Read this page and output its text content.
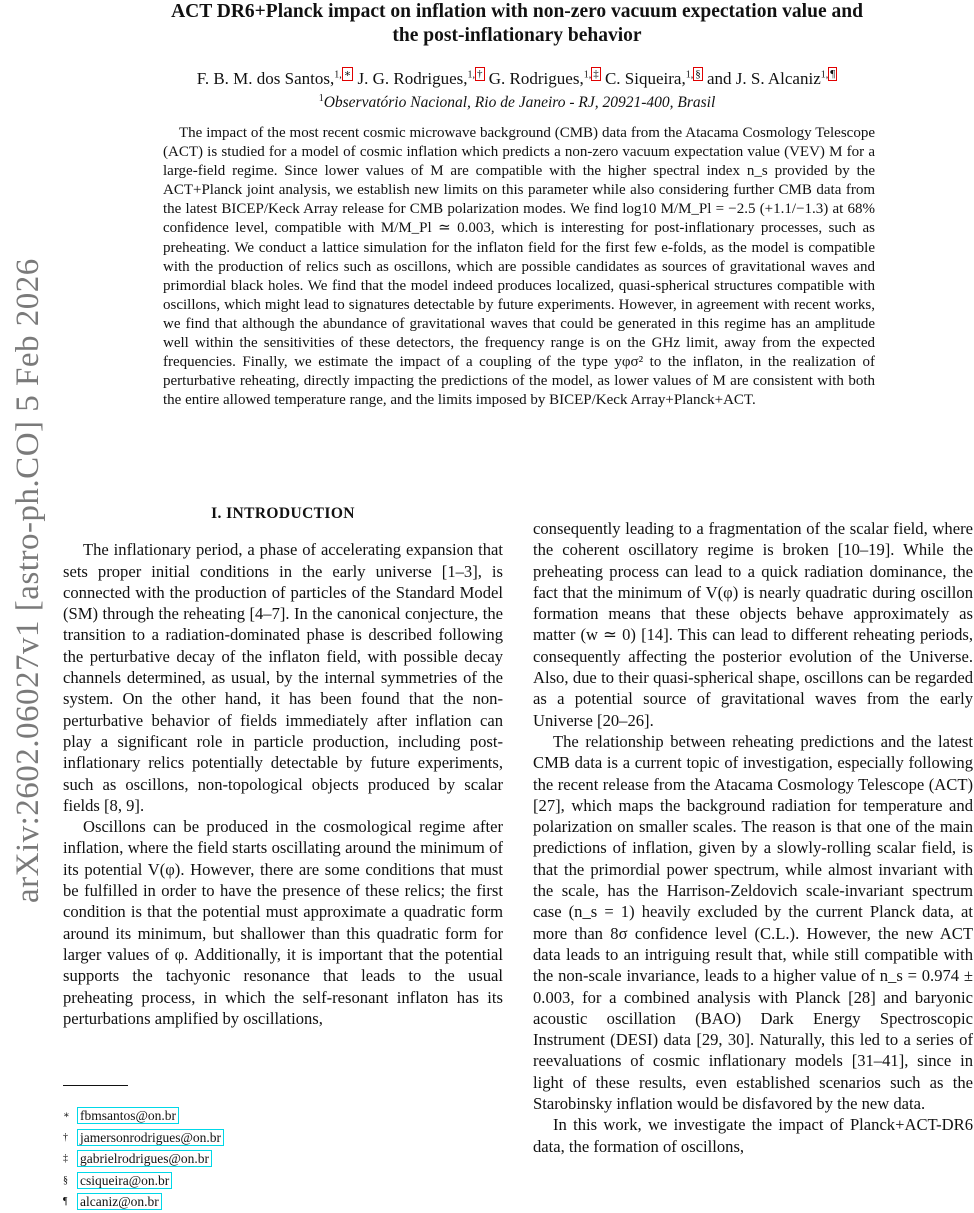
arXiv:2602.06027v1 [astro-ph.CO] 5 Feb 2026
ACT DR6+Planck impact on inflation with non-zero vacuum expectation value and
the post-inflationary behavior
F. B. M. dos Santos,$^{1,}$ ∗ J. G. Rodrigues,$^{1,}$ † G. Rodrigues,$^{1,}$ ‡ C. Siqueira,$^{1,}$ § and J. S. Alcaniz$^{1,}$ ¶
$^1$Observatório Nacional, Rio de Janeiro - RJ, 20921-400, Brasil
The impact of the most recent cosmic microwave background (CMB) data from the Atacama Cosmology Telescope (ACT) is studied for a model of cosmic inflation which predicts a non-zero vacuum expectation value (VEV) M for a large-field regime. Since lower values of M are compatible with the higher spectral index n_s provided by the ACT+Planck joint analysis, we establish new limits on this parameter while also considering further CMB data from the latest BICEP/Keck Array release for CMB polarization modes. We find log10 M/M_Pl = −2.5 (+1.1/−1.3) at 68% confidence level, compatible with M/M_Pl ≃ 0.003, which is interesting for post-inflationary processes, such as preheating. We conduct a lattice simulation for the inflaton field for the first few e-folds, as the model is compatible with the production of relics such as oscillons, which are possible candidates as sources of gravitational waves and primordial black holes. We find that the model indeed produces localized, quasi-spherical structures compatible with oscillons, which might lead to signatures detectable by future experiments. However, in agreement with recent works, we find that although the abundance of gravitational waves that could be generated in this regime has an amplitude well within the sensitivities of these detectors, the frequency range is on the GHz limit, away from the expected frequencies. Finally, we estimate the impact of a coupling of the type yφσ² to the inflaton, in the realization of perturbative reheating, directly impacting the predictions of the model, as lower values of M are consistent with both the entire allowed temperature range, and the limits imposed by BICEP/Keck Array+Planck+ACT.
I. INTRODUCTION

The inflationary period, a phase of accelerating expansion that sets proper initial conditions in the early universe [1–3], is connected with the production of particles of the Standard Model (SM) through the reheating [4–7]. In the canonical conjecture, the transition to a radiation-dominated phase is described following the perturbative decay of the inflaton field, with possible decay channels determined, as usual, by the internal symmetries of the system. On the other hand, it has been found that the non-perturbative behavior of fields immediately after inflation can play a significant role in particle production, including post-inflationary relics potentially detectable by future experiments, such as oscillons, non-topological objects produced by scalar fields [8, 9].

Oscillons can be produced in the cosmological regime after inflation, where the field starts oscillating around the minimum of its potential V(φ). However, there are some conditions that must be fulfilled in order to have the presence of these relics; the first condition is that the potential must approximate a quadratic form around its minimum, but shallower than this quadratic form for larger values of φ. Additionally, it is important that the potential supports the tachyonic resonance that leads to the usual preheating process, in which the self-resonant inflaton has its perturbations amplified by oscillations,

consequently leading to a fragmentation of the scalar field, where the coherent oscillatory regime is broken [10–19]. While the preheating process can lead to a quick radiation dominance, the fact that the minimum of V(φ) is nearly quadratic during oscillon formation means that these objects behave approximately as matter (w ≃ 0) [14]. This can lead to different reheating periods, consequently affecting the posterior evolution of the Universe. Also, due to their quasi-spherical shape, oscillons can be regarded as a potential source of gravitational waves from the early Universe [20–26].

The relationship between reheating predictions and the latest CMB data is a current topic of investigation, especially following the recent release from the Atacama Cosmology Telescope (ACT) [27], which maps the background radiation for temperature and polarization on smaller scales. The reason is that one of the main predictions of inflation, given by a slowly-rolling scalar field, is that the primordial power spectrum, while almost invariant with the scale, has the Harrison-Zeldovich scale-invariant spectrum case (n_s = 1) heavily excluded by the current Planck data, at more than 8σ confidence level (C.L.). However, the new ACT data leads to an intriguing result that, while still compatible with the non-scale invariance, leads to a higher value of n_s = 0.974 ± 0.003, for a combined analysis with Planck [28] and baryonic acoustic oscillation (BAO) Dark Energy Spectroscopic Instrument (DESI) data [29, 30]. Naturally, this led to a series of reevaluations of cosmic inflationary models [31–41], since in light of these results, even established scenarios such as the Starobinsky inflation would be disfavored by the new data.

In this work, we investigate the impact of Planck+ACT-DR6 data, the formation of oscillons,

∗ fbmsantos@on.br
† jamersonrodrigues@on.br
‡ gabrielrodrigues@on.br
§ csiqueira@on.br
¶ alcaniz@on.br
